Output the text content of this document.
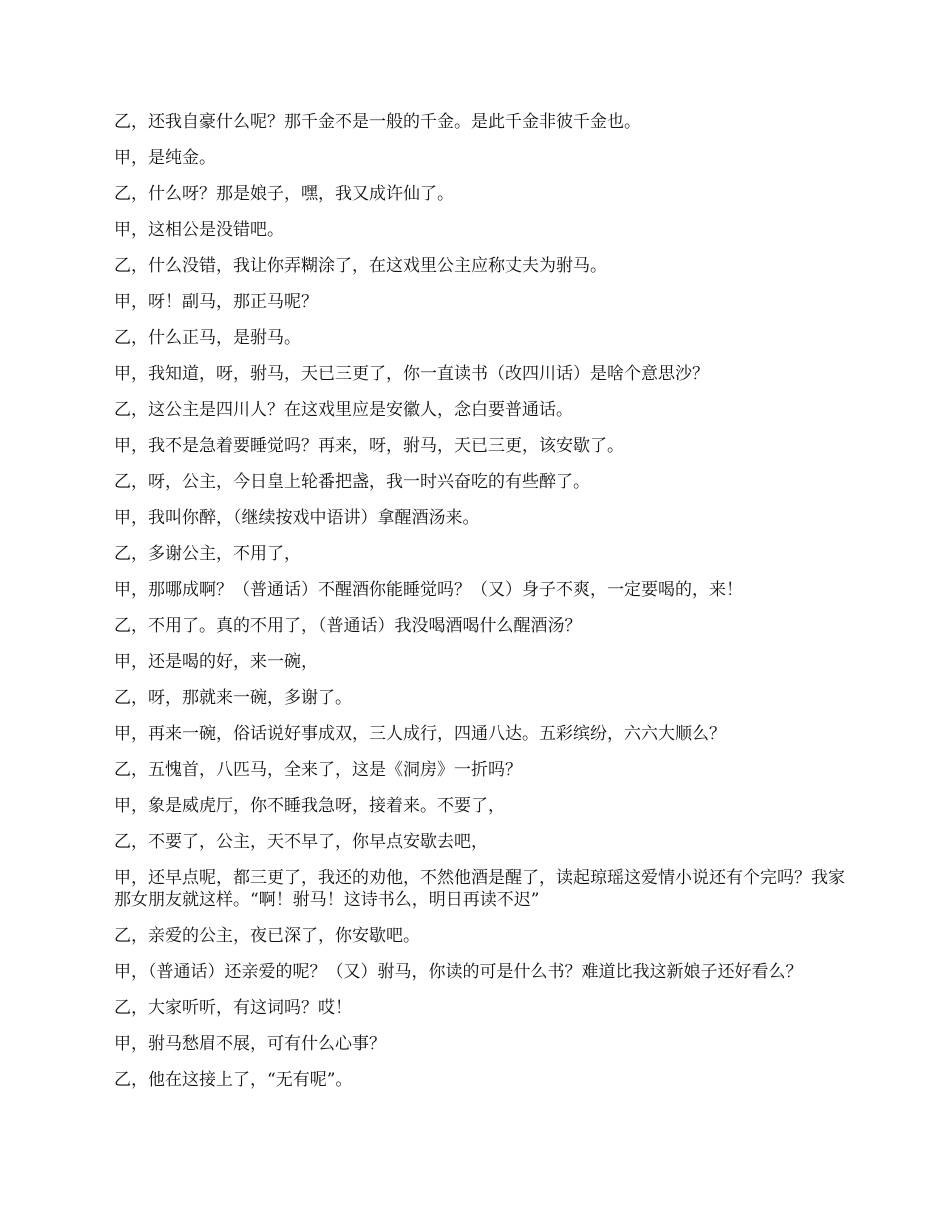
乙，还我自豪什么呢？那千金不是一般的千金。是此千金非彼千金也。

甲，是纯金。

乙，什么呀？那是娘子，嘿，我又成许仙了。

甲，这相公是没错吧。

乙，什么没错，我让你弄糊涂了，在这戏里公主应称丈夫为驸马。

甲，呀！副马，那正马呢？

乙，什么正马，是驸马。

甲，我知道，呀，驸马，天已三更了，你一直读书（改四川话）是啥个意思沙？

乙，这公主是四川人？在这戏里应是安徽人，念白要普通话。

甲，我不是急着要睡觉吗？再来，呀，驸马，天已三更，该安歇了。

乙，呀，公主，今日皇上轮番把盏，我一时兴奋吃的有些醉了。

甲，我叫你醉，（继续按戏中语讲）拿醒酒汤来。

乙，多谢公主，不用了，

甲，那哪成啊？（普通话）不醒酒你能睡觉吗？（又）身子不爽，一定要喝的，来！

乙，不用了。真的不用了，（普通话）我没喝酒喝什么醒酒汤？

甲，还是喝的好，来一碗，

乙，呀，那就来一碗，多谢了。

甲，再来一碗，俗话说好事成双，三人成行，四通八达。五彩缤纷，六六大顺么？

乙，五愧首，八匹马，全来了，这是《洞房》一折吗？

甲，象是威虎厅，你不睡我急呀，接着来。不要了，

乙，不要了，公主，天不早了，你早点安歇去吧，

甲，还早点呢，都三更了，我还的劝他，不然他酒是醒了，读起琼瑶这爱情小说还有个完吗？我家那女朋友就这样。“啊！驸马！这诗书么，明日再读不迟”

乙，亲爱的公主，夜已深了，你安歇吧。

甲，（普通话）还亲爱的呢？（又）驸马，你读的可是什么书？难道比我这新娘子还好看么？

乙，大家听听，有这词吗？哎！

甲，驸马愁眉不展，可有什么心事？

乙，他在这接上了，“无有呢”。
